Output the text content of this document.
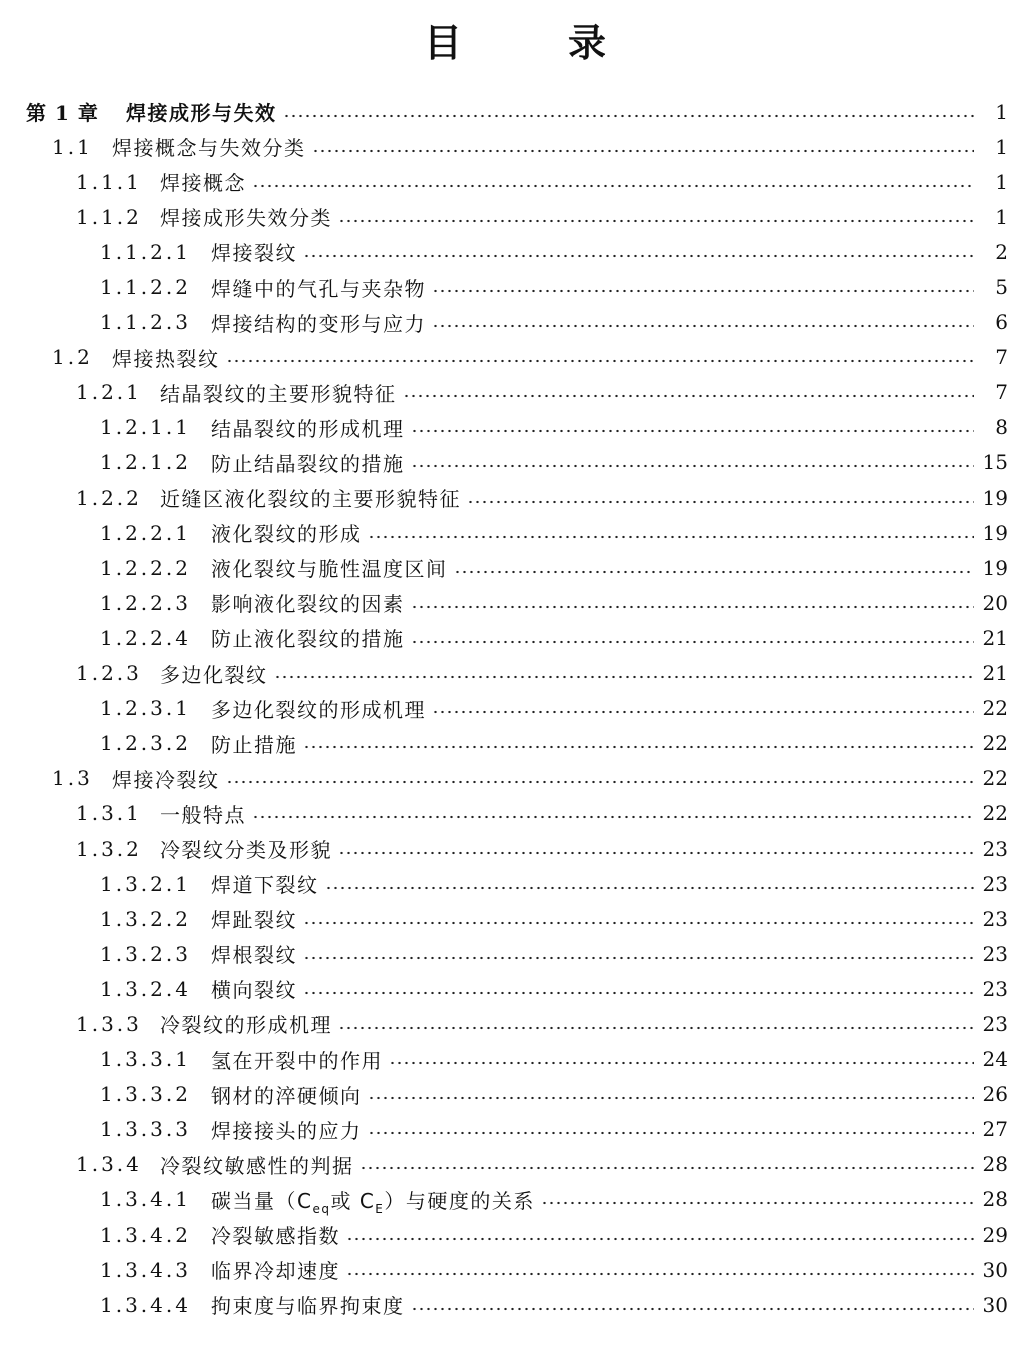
目	录
第 1 章	焊接成形与失效	1
1.1 焊接概念与失效分类	1
1.1.1 焊接概念	1
1.1.2 焊接成形失效分类	1
1.1.2.1	焊接裂纹	2
1.1.2.2	焊缝中的气孔与夹杂物	5
1.1.2.3	焊接结构的变形与应力	6
1.2 焊接热裂纹	7
1.2.1 结晶裂纹的主要形貌特征	7
1.2.1.1	结晶裂纹的形成机理	8
1.2.1.2	防止结晶裂纹的措施	15
1.2.2 近缝区液化裂纹的主要形貌特征	19
1.2.2.1	液化裂纹的形成	19
1.2.2.2	液化裂纹与脆性温度区间	19
1.2.2.3	影响液化裂纹的因素	20
1.2.2.4	防止液化裂纹的措施	21
1.2.3 多边化裂纹	21
1.2.3.1	多边化裂纹的形成机理	22
1.2.3.2	防止措施	22
1.3 焊接冷裂纹	22
1.3.1 一般特点	22
1.3.2 冷裂纹分类及形貌	23
1.3.2.1	焊道下裂纹	23
1.3.2.2	焊趾裂纹	23
1.3.2.3	焊根裂纹	23
1.3.2.4	横向裂纹	23
1.3.3 冷裂纹的形成机理	23
1.3.3.1	氢在开裂中的作用	24
1.3.3.2	钢材的淬硬倾向	26
1.3.3.3	焊接接头的应力	27
1.3.4 冷裂纹敏感性的判据	28
1.3.4.1	碳当量（$C_{eq}$或 $C_E$）与硬度的关系	28
1.3.4.2	冷裂敏感指数	29
1.3.4.3	临界冷却速度	30
1.3.4.4	拘束度与临界拘束度	30
